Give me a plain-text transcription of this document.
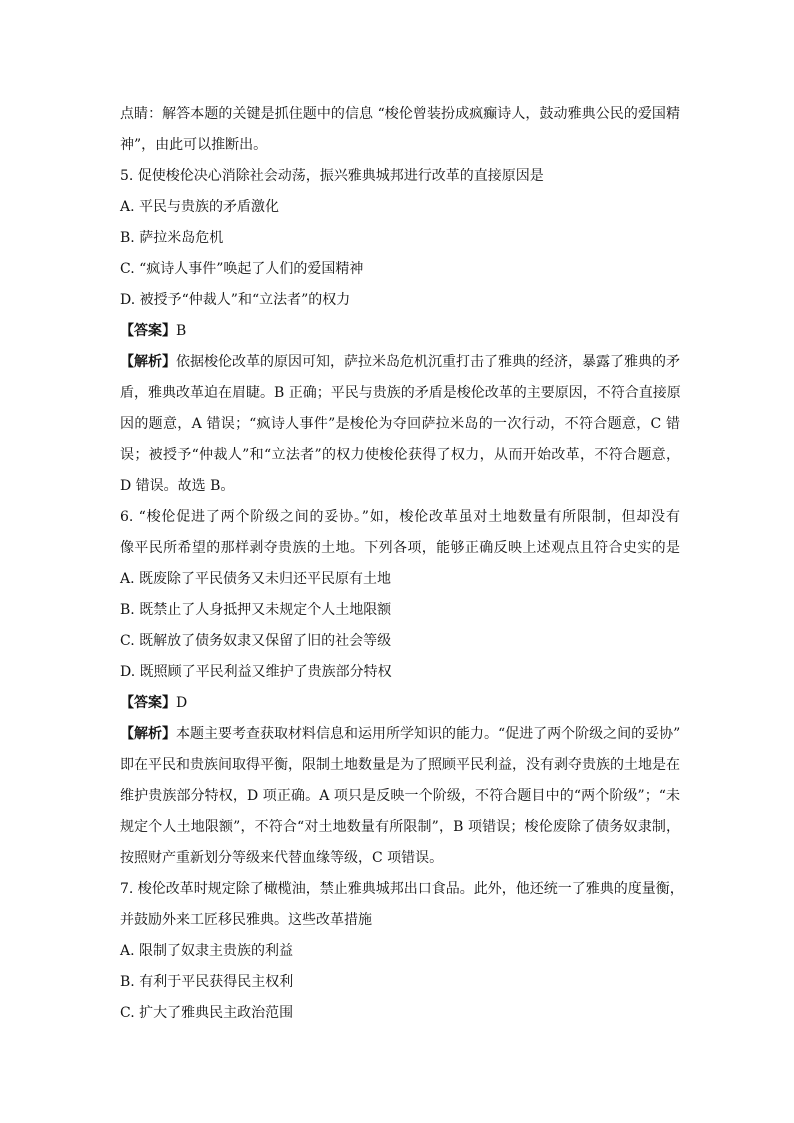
点睛：解答本题的关键是抓住题中的信息 “梭伦曾装扮成疯癫诗人，鼓动雅典公民的爱国精
神”，由此可以推断出。
5. 促使梭伦决心消除社会动荡，振兴雅典城邦进行改革的直接原因是
A. 平民与贵族的矛盾激化
B. 萨拉米岛危机
C. “疯诗人事件”唤起了人们的爱国精神
D. 被授予“仲裁人”和“立法者”的权力
【答案】B
【解析】依据梭伦改革的原因可知，萨拉米岛危机沉重打击了雅典的经济，暴露了雅典的矛
盾，雅典改革迫在眉睫。B 正确；平民与贵族的矛盾是梭伦改革的主要原因，不符合直接原
因的题意，A 错误；“疯诗人事件”是梭伦为夺回萨拉米岛的一次行动，不符合题意，C 错
误；被授予“仲裁人”和“立法者”的权力使梭伦获得了权力，从而开始改革，不符合题意，
D 错误。故选 B。
6. “梭伦促进了两个阶级之间的妥协。”如，梭伦改革虽对土地数量有所限制，但却没有
像平民所希望的那样剥夺贵族的土地。下列各项，能够正确反映上述观点且符合史实的是
A. 既废除了平民债务又未归还平民原有土地
B. 既禁止了人身抵押又未规定个人土地限额
C. 既解放了债务奴隶又保留了旧的社会等级
D. 既照顾了平民利益又维护了贵族部分特权
【答案】D
【解析】本题主要考查获取材料信息和运用所学知识的能力。“促进了两个阶级之间的妥协”
即在平民和贵族间取得平衡，限制土地数量是为了照顾平民利益，没有剥夺贵族的土地是在
维护贵族部分特权，D 项正确。A 项只是反映一个阶级，不符合题目中的“两个阶级”；“未
规定个人土地限额”，不符合“对土地数量有所限制”，B 项错误；梭伦废除了债务奴隶制，
按照财产重新划分等级来代替血缘等级，C 项错误。
7. 梭伦改革时规定除了橄榄油，禁止雅典城邦出口食品。此外，他还统一了雅典的度量衡，
并鼓励外来工匠移民雅典。这些改革措施
A. 限制了奴隶主贵族的利益
B. 有利于平民获得民主权利
C. 扩大了雅典民主政治范围
